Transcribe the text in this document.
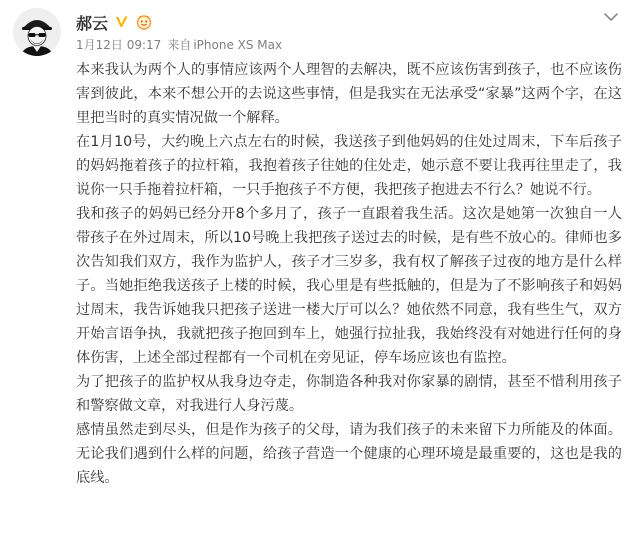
郝云
1月12日 09:17 来自 iPhone XS Max

本来我认为两个人的事情应该两个人理智的去解决，既不应该伤害到孩子，也不应该伤害到彼此，本来不想公开的去说这些事情，但是我实在无法承受“家暴”这两个字，在这里把当时的真实情况做一个解释。

在1月10号，大约晚上六点左右的时候，我送孩子到他妈妈的住处过周末，下车后孩子的妈妈拖着孩子的拉杆箱，我抱着孩子往她的住处走，她示意不要让我再往里走了，我说你一只手拖着拉杆箱，一只手抱孩子不方便，我把孩子抱进去不行么？她说不行。

我和孩子的妈妈已经分开8个多月了，孩子一直跟着我生活。这次是她第一次独自一人带孩子在外过周末，所以10号晚上我把孩子送过去的时候，是有些不放心的。律师也多次告知我们双方，我作为监护人，孩子才三岁多，我有权了解孩子过夜的地方是什么样子。当她拒绝我送孩子上楼的时候，我心里是有些抵触的，但是为了不影响孩子和妈妈过周末，我告诉她我只把孩子送进一楼大厅可以么？她依然不同意，我有些生气，双方开始言语争执，我就把孩子抱回到车上，她强行拉扯我，我始终没有对她进行任何的身体伤害，上述全部过程都有一个司机在旁见证，停车场应该也有监控。

为了把孩子的监护权从我身边夺走，你制造各种我对你家暴的剧情，甚至不惜利用孩子和警察做文章，对我进行人身污蔑。

感情虽然走到尽头，但是作为孩子的父母，请为我们孩子的未来留下力所能及的体面。无论我们遇到什么样的问题，给孩子营造一个健康的心理环境是最重要的，这也是我的底线。
